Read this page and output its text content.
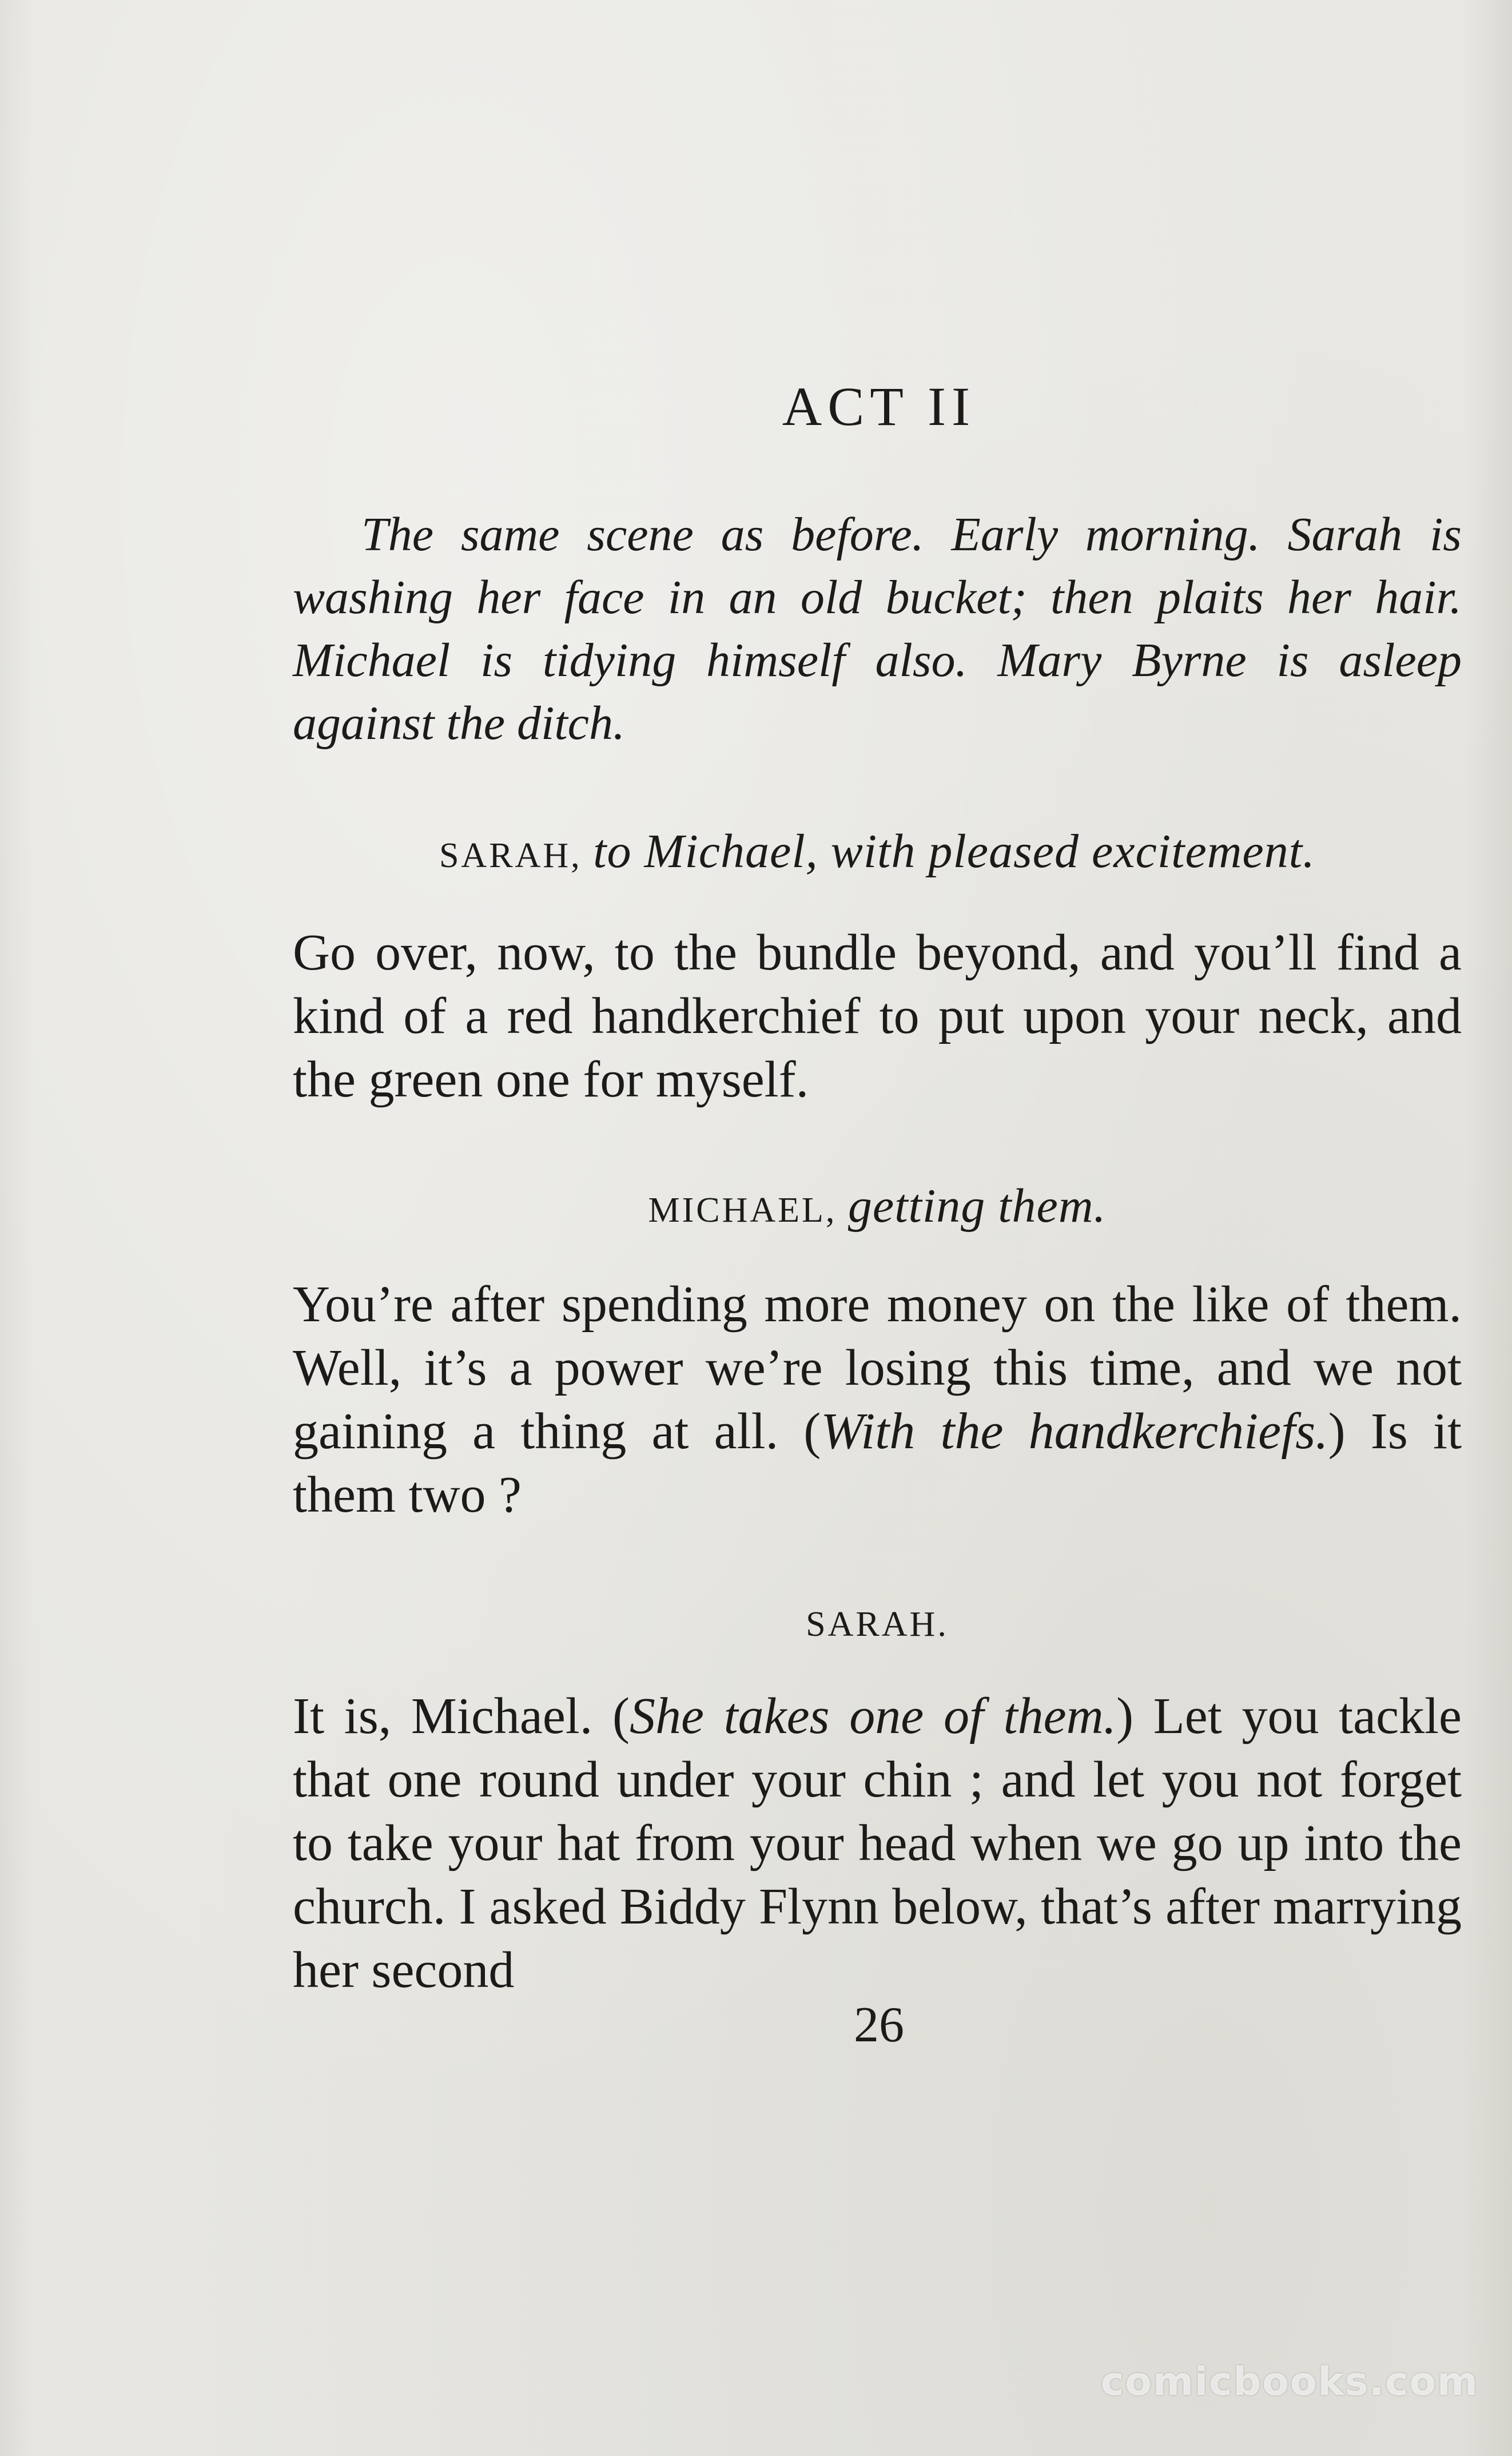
ACT II

The same scene as before. Early morning. Sarah is washing her face in an old bucket; then plaits her hair. Michael is tidying himself also. Mary Byrne is asleep against the ditch.

SARAH, to Michael, with pleased excitement.

Go over, now, to the bundle beyond, and you’ll find a kind of a red handkerchief to put upon your neck, and the green one for myself.

MICHAEL, getting them.

You’re after spending more money on the like of them. Well, it’s a power we’re losing this time, and we not gaining a thing at all. (With the handkerchiefs.) Is it them two ?

SARAH.

It is, Michael. (She takes one of them.) Let you tackle that one round under your chin ; and let you not forget to take your hat from your head when we go up into the church. I asked Biddy Flynn below, that’s after marrying her second

26

comicbooks.com
